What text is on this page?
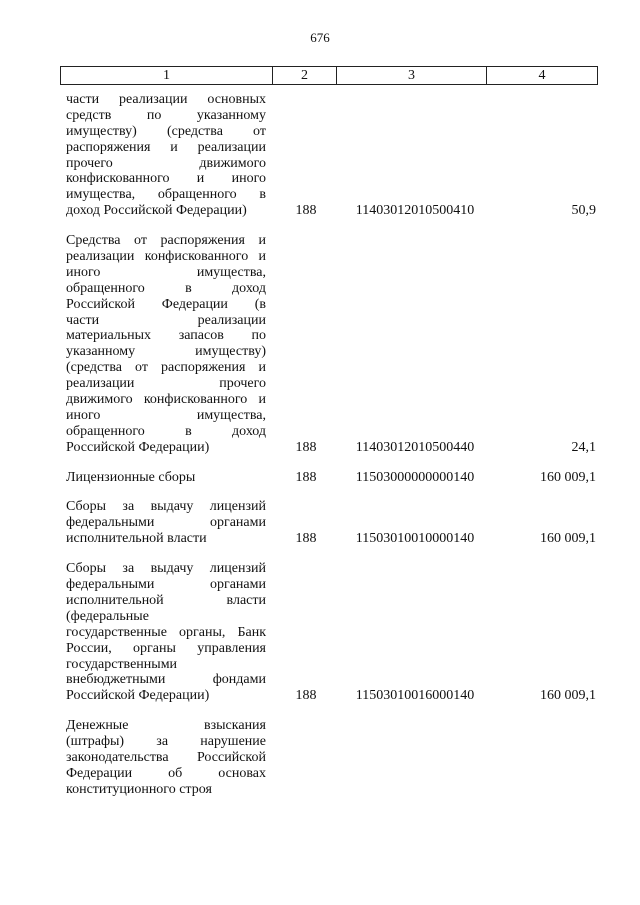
676
1	2	3	4
части реализации основных
средств по указанному
имуществу) (средства от
распоряжения и реализации
прочего движимого
конфискованного и иного
имущества, обращенного в
доход Российской Федерации)	188	11403012010500410	50,9
Средства от распоряжения и
реализации конфискованного и
иного имущества,
обращенного в доход
Российской Федерации (в
части реализации
материальных запасов по
указанному имуществу)
(средства от распоряжения и
реализации прочего
движимого конфискованного и
иного имущества,
обращенного в доход
Российской Федерации)	188	11403012010500440	24,1
Лицензионные сборы	188	11503000000000140	160 009,1
Сборы за выдачу лицензий
федеральными органами
исполнительной власти	188	11503010010000140	160 009,1
Сборы за выдачу лицензий
федеральными органами
исполнительной власти
(федеральные
государственные органы, Банк
России, органы управления
государственными
внебюджетными фондами
Российской Федерации)	188	11503010016000140	160 009,1
Денежные взыскания
(штрафы) за нарушение
законодательства Российской
Федерации об основах
конституционного строя
